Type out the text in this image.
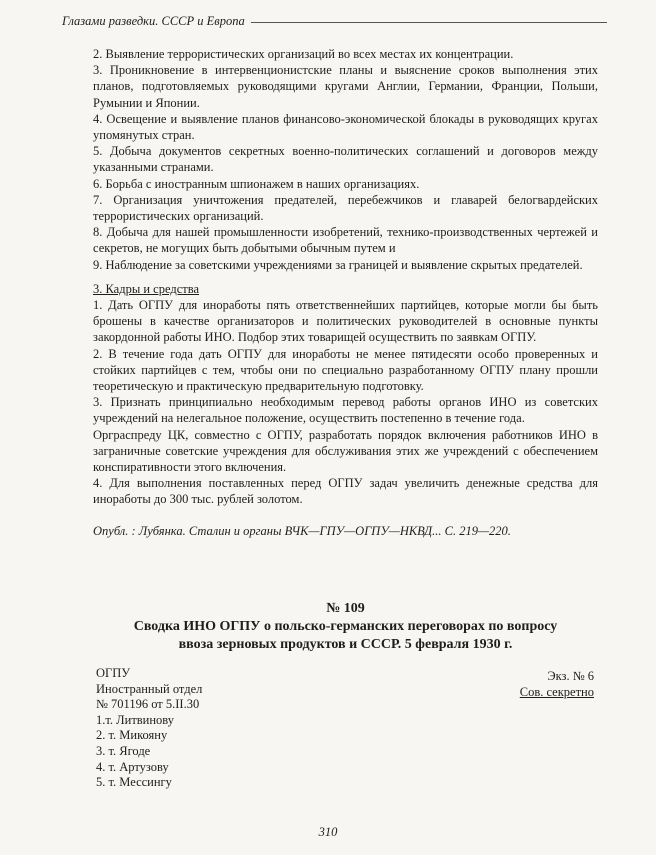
Глазами разведки. СССР и Европа

2. Выявление террористических организаций во всех местах их концентрации.

3. Проникновение в интервенционистские планы и выяснение сроков выполнения этих планов, подготовляемых руководящими кругами Англии, Германии, Франции, Польши, Румынии и Японии.

4. Освещение и выявление планов финансово-экономической блокады в руководящих кругах упомянутых стран.

5. Добыча документов секретных военно-политических соглашений и договоров между указанными странами.

6. Борьба с иностранным шпионажем в наших организациях.

7. Организация уничтожения предателей, перебежчиков и главарей белогвардейских террористических организаций.

8. Добыча для нашей промышленности изобретений, технико-производственных чертежей и секретов, не могущих быть добытыми обычным путем и

9. Наблюдение за советскими учреждениями за границей и выявление скрытых предателей.

3. Кадры и средства

1. Дать ОГПУ для иноработы пять ответственнейших партийцев, которые могли бы быть брошены в качестве организаторов и политических руководителей в основные пункты закордонной работы ИНО. Подбор этих товарищей осуществить по заявкам ОГПУ.

2. В течение года дать ОГПУ для иноработы не менее пятидесяти особо проверенных и стойких партийцев с тем, чтобы они по специально разработанному ОГПУ плану прошли теоретическую и практическую предварительную подготовку.

3. Признать принципиально необходимым перевод работы органов ИНО из советских учреждений на нелегальное положение, осуществить постепенно в течение года.

Орграспреду ЦК, совместно с ОГПУ, разработать порядок включения работников ИНО в заграничные советские учреждения для обслуживания этих же учреждений с обеспечением конспиративности этого включения.

4. Для выполнения поставленных перед ОГПУ задач увеличить денежные средства для иноработы до 300 тыс. рублей золотом.

Опубл. : Лубянка. Сталин и органы ВЧК—ГПУ—ОГПУ—НКВД... С. 219—220.

№ 109
Сводка ИНО ОГПУ о польско-германских переговорах по вопросу
ввоза зерновых продуктов и СССР. 5 февраля 1930 г.
ОГПУ
Иностранный отдел
№ 701196 от 5.II.30
1.т. Литвинову
2. т. Микояну
3. т. Ягоде
4. т. Артузову
5. т. Мессингу
Экз. № 6
Сов. секретно
310
